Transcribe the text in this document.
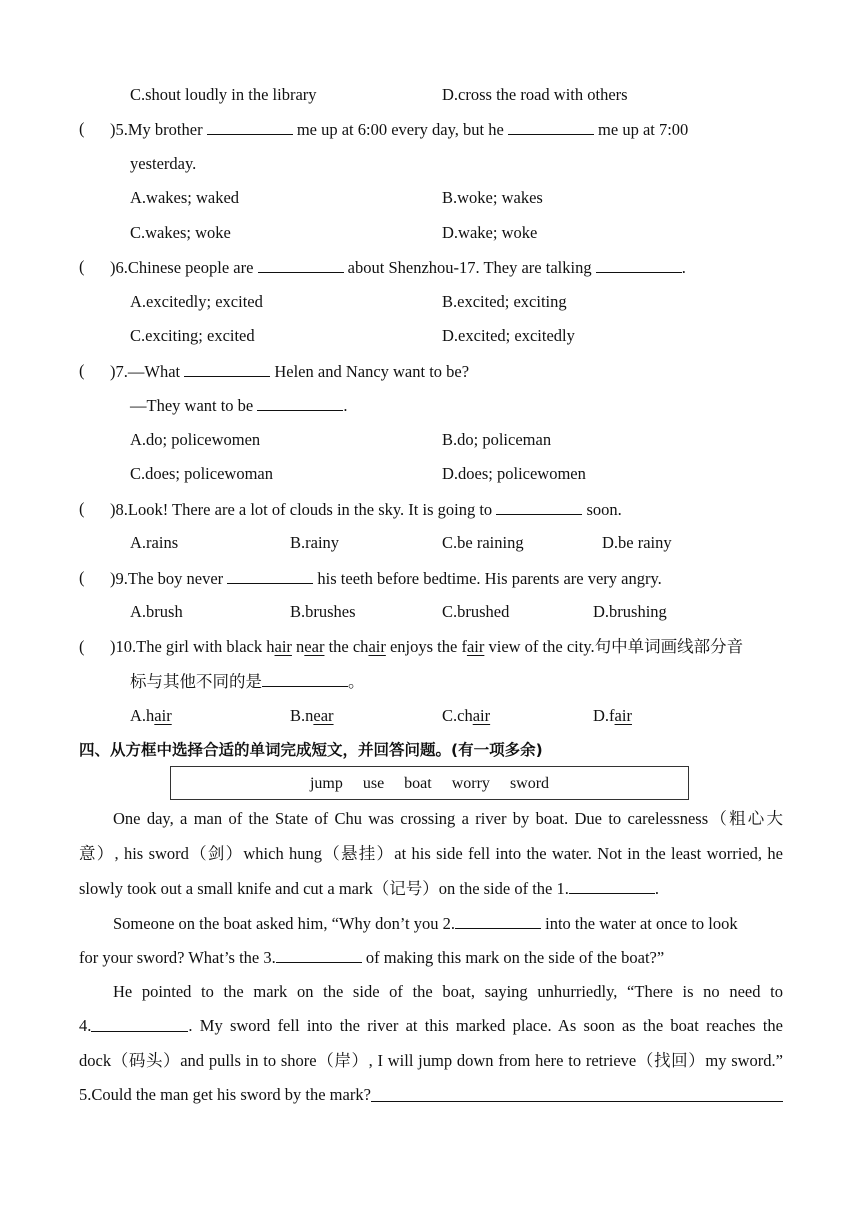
C.shout loudly in the library	D.cross the road with others
( )5.My brother	me up at 6:00 every day, but he	me up at 7:00
yesterday.
A.wakes; waked	B.woke; wakes
C.wakes; woke	D.wake; woke
( )6.Chinese people are	about Shenzhou-17. They are talking	.
A.excitedly; excited	B.excited; exciting
C.exciting; excited	D.excited; excitedly
( )7.—What	Helen and Nancy want to be?
—They want to be	.
A.do; policewomen	B.do; policeman
C.does; policewoman	D.does; policewomen
( )8.Look! There are a lot of clouds in the sky. It is going to	soon.
A.rains	B.rainy	C.be raining	D.be rainy
( )9.The boy never	his teeth before bedtime. His parents are very angry.
A.brush	B.brushes	C.brushed	D.brushing
( )10.The girl with black hair near the chair enjoys the fair view of the city.句中单词画线部分音
标与其他不同的是	。
A.hair	B.near	C.chair	D.fair
四、从方框中选择合适的单词完成短文，并回答问题。(有一项多余)
jump use boat worry sword
One day, a man of the State of Chu was crossing a river by boat. Due to carelessness（粗心大
意）, his sword（剑）which hung（悬挂）at his side fell into the water. Not in the least worried, he
slowly took out a small knife and cut a mark（记号）on the side of the 1.	.
Someone on the boat asked him, “Why don’t you 2.	into the water at once to look
for your sword? What’s the 3.	of making this mark on the side of the boat?”
He pointed to the mark on the side of the boat, saying unhurriedly, “There is no need to
4.	. My sword fell into the river at this marked place. As soon as the boat reaches the
dock（码头）and pulls in to shore（岸）, I will jump down from here to retrieve（找回）my sword.”
5.Could the man get his sword by the mark?
